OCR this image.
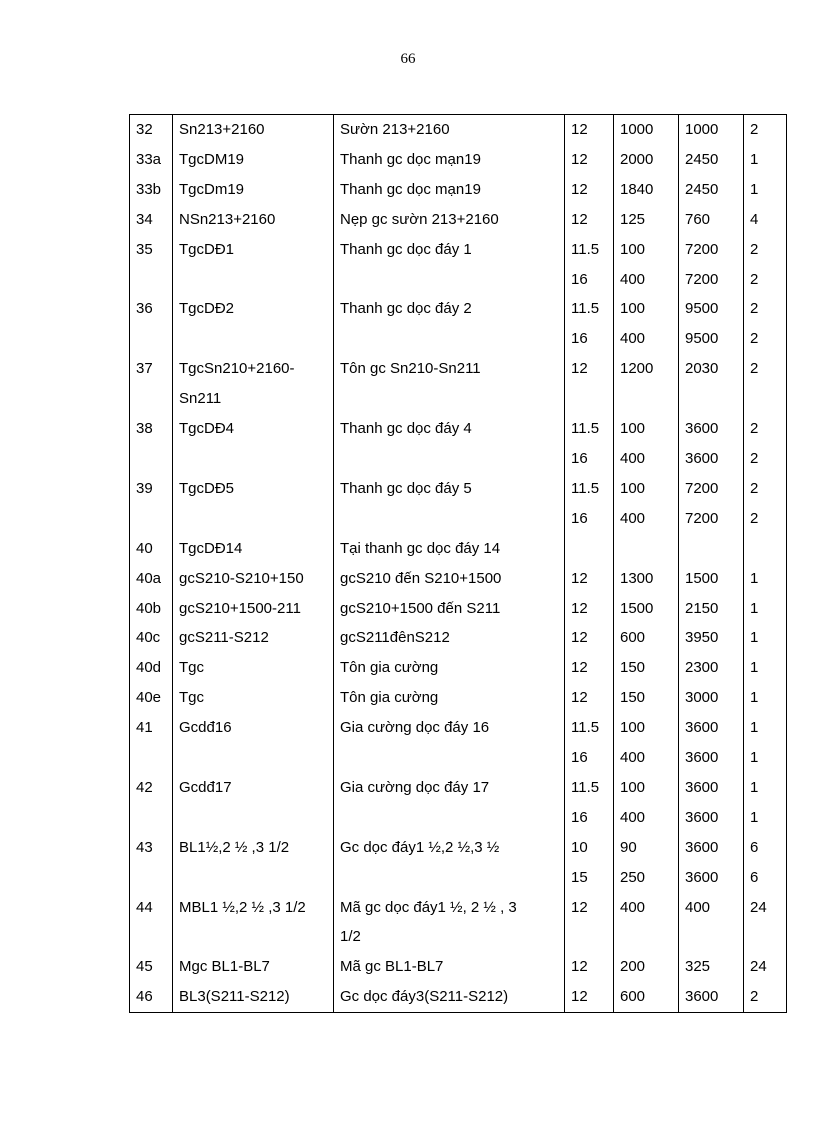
66
32	Sn213+2160	Sườn 213+2160	12	1000	1000	2
33a	TgcDM19	Thanh gc dọc mạn19	12	2000	2450	1
33b	TgcDm19	Thanh gc dọc mạn19	12	1840	2450	1
34	NSn213+2160	Nẹp gc sườn 213+2160	12	125	760	4
35	TgcDĐ1	Thanh gc dọc đáy 1	11.5	100	7200	2
			16	400	7200	2
36	TgcDĐ2	Thanh gc dọc đáy 2	11.5	100	9500	2
			16	400	9500	2
37	TgcSn210+2160-	Tôn gc Sn210-Sn211	12	1200	2030	2
	Sn211					
38	TgcDĐ4	Thanh gc dọc đáy 4	11.5	100	3600	2
			16	400	3600	2
39	TgcDĐ5	Thanh gc dọc đáy 5	11.5	100	7200	2
			16	400	7200	2
40	TgcDĐ14	Tại thanh gc dọc đáy 14				
40a	gcS210-S210+150	gcS210 đến S210+1500	12	1300	1500	1
40b	gcS210+1500-211	gcS210+1500 đến S211	12	1500	2150	1
40c	gcS211-S212	gcS211đênS212	12	600	3950	1
40d	Tgc	Tôn gia cường	12	150	2300	1
40e	Tgc	Tôn gia cường	12	150	3000	1
41	Gcdđ16	Gia cường dọc đáy 16	11.5	100	3600	1
			16	400	3600	1
42	Gcdđ17	Gia cường dọc đáy 17	11.5	100	3600	1
			16	400	3600	1
43	BL1½,2 ½ ,3 1/2	Gc dọc đáy1 ½,2 ½,3 ½	10	90	3600	6
			15	250	3600	6
44	MBL1 ½,2 ½ ,3 1/2	Mã gc dọc đáy1 ½, 2 ½ , 3	12	400	400	24
		1/2				
45	Mgc BL1-BL7	Mã gc BL1-BL7	12	200	325	24
46	BL3(S211-S212)	Gc dọc đáy3(S211-S212)	12	600	3600	2
